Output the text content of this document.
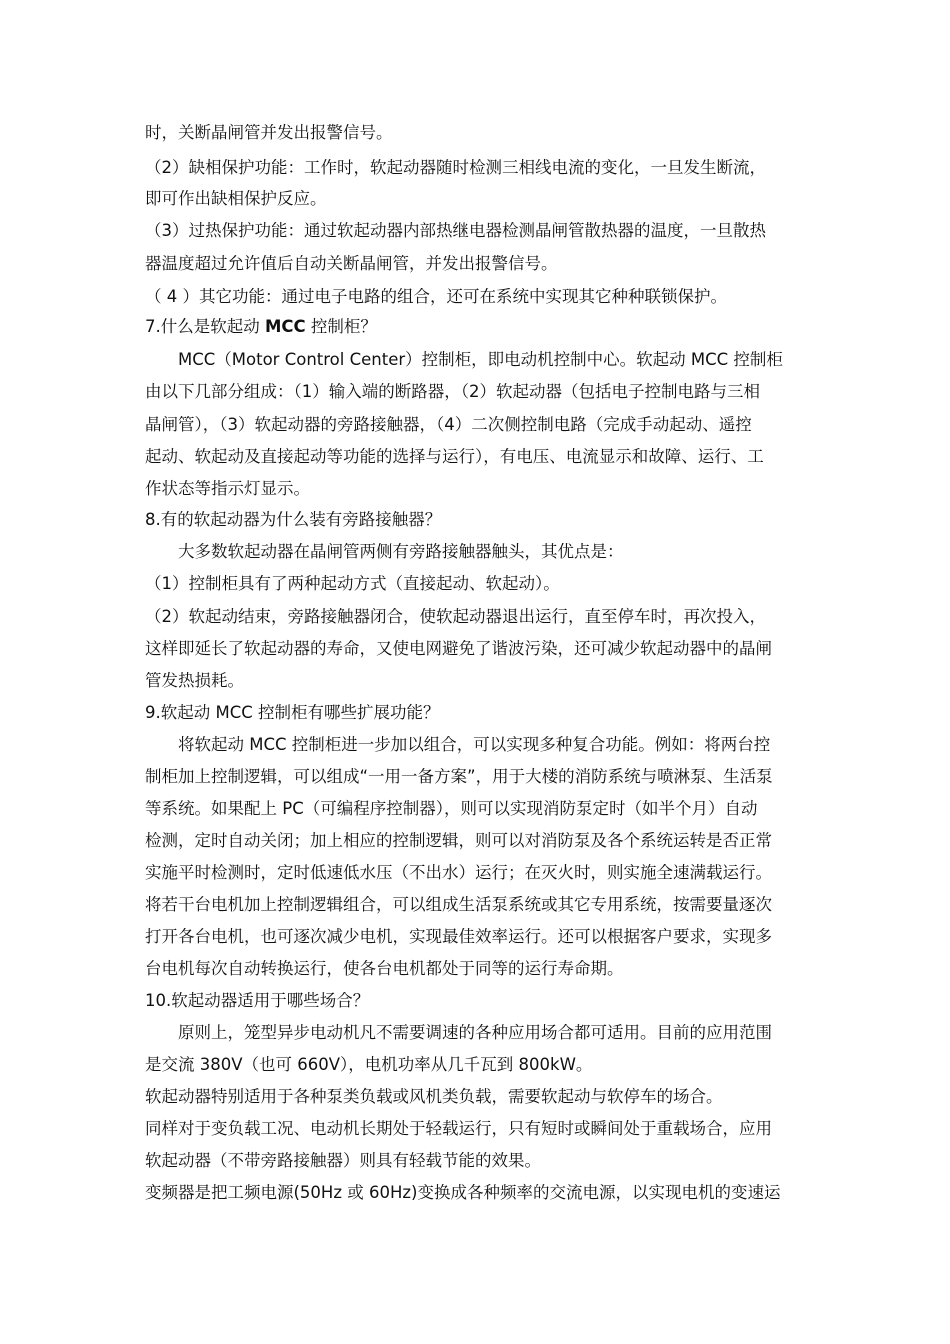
时，关断晶闸管并发出报警信号。
（2）缺相保护功能：工作时，软起动器随时检测三相线电流的变化，一旦发生断流，
即可作出缺相保护反应。
（3）过热保护功能：通过软起动器内部热继电器检测晶闸管散热器的温度，一旦散热
器温度超过允许值后自动关断晶闸管，并发出报警信号。
（ 4 ）其它功能：通过电子电路的组合，还可在系统中实现其它种种联锁保护。
7.什么是软起动 MCC 控制柜？
　　MCC（Motor Control Center）控制柜，即电动机控制中心。软起动 MCC 控制柜
由以下几部分组成：（1）输入端的断路器，（2）软起动器（包括电子控制电路与三相
晶闸管），（3）软起动器的旁路接触器，（4）二次侧控制电路（完成手动起动、遥控
起动、软起动及直接起动等功能的选择与运行），有电压、电流显示和故障、运行、工
作状态等指示灯显示。
8.有的软起动器为什么装有旁路接触器？
　　大多数软起动器在晶闸管两侧有旁路接触器触头，其优点是：
（1）控制柜具有了两种起动方式（直接起动、软起动）。
（2）软起动结束，旁路接触器闭合，使软起动器退出运行，直至停车时，再次投入，
这样即延长了软起动器的寿命，又使电网避免了谐波污染，还可减少软起动器中的晶闸
管发热损耗。
9.软起动 MCC 控制柜有哪些扩展功能？
　　将软起动 MCC 控制柜进一步加以组合，可以实现多种复合功能。例如：将两台控
制柜加上控制逻辑，可以组成“一用一备方案”，用于大楼的消防系统与喷淋泵、生活泵
等系统。如果配上 PC（可编程序控制器），则可以实现消防泵定时（如半个月）自动
检测，定时自动关闭；加上相应的控制逻辑，则可以对消防泵及各个系统运转是否正常
实施平时检测时，定时低速低水压（不出水）运行；在灭火时，则实施全速满载运行。
将若干台电机加上控制逻辑组合，可以组成生活泵系统或其它专用系统，按需要量逐次
打开各台电机，也可逐次减少电机，实现最佳效率运行。还可以根据客户要求，实现多
台电机每次自动转换运行，使各台电机都处于同等的运行寿命期。
10.软起动器适用于哪些场合？
　　原则上，笼型异步电动机凡不需要调速的各种应用场合都可适用。目前的应用范围
是交流 380V（也可 660V），电机功率从几千瓦到 800kW。
软起动器特别适用于各种泵类负载或风机类负载，需要软起动与软停车的场合。
同样对于变负载工况、电动机长期处于轻载运行，只有短时或瞬间处于重载场合，应用
软起动器（不带旁路接触器）则具有轻载节能的效果。
变频器是把工频电源(50Hz 或 60Hz)变换成各种频率的交流电源，以实现电机的变速运
